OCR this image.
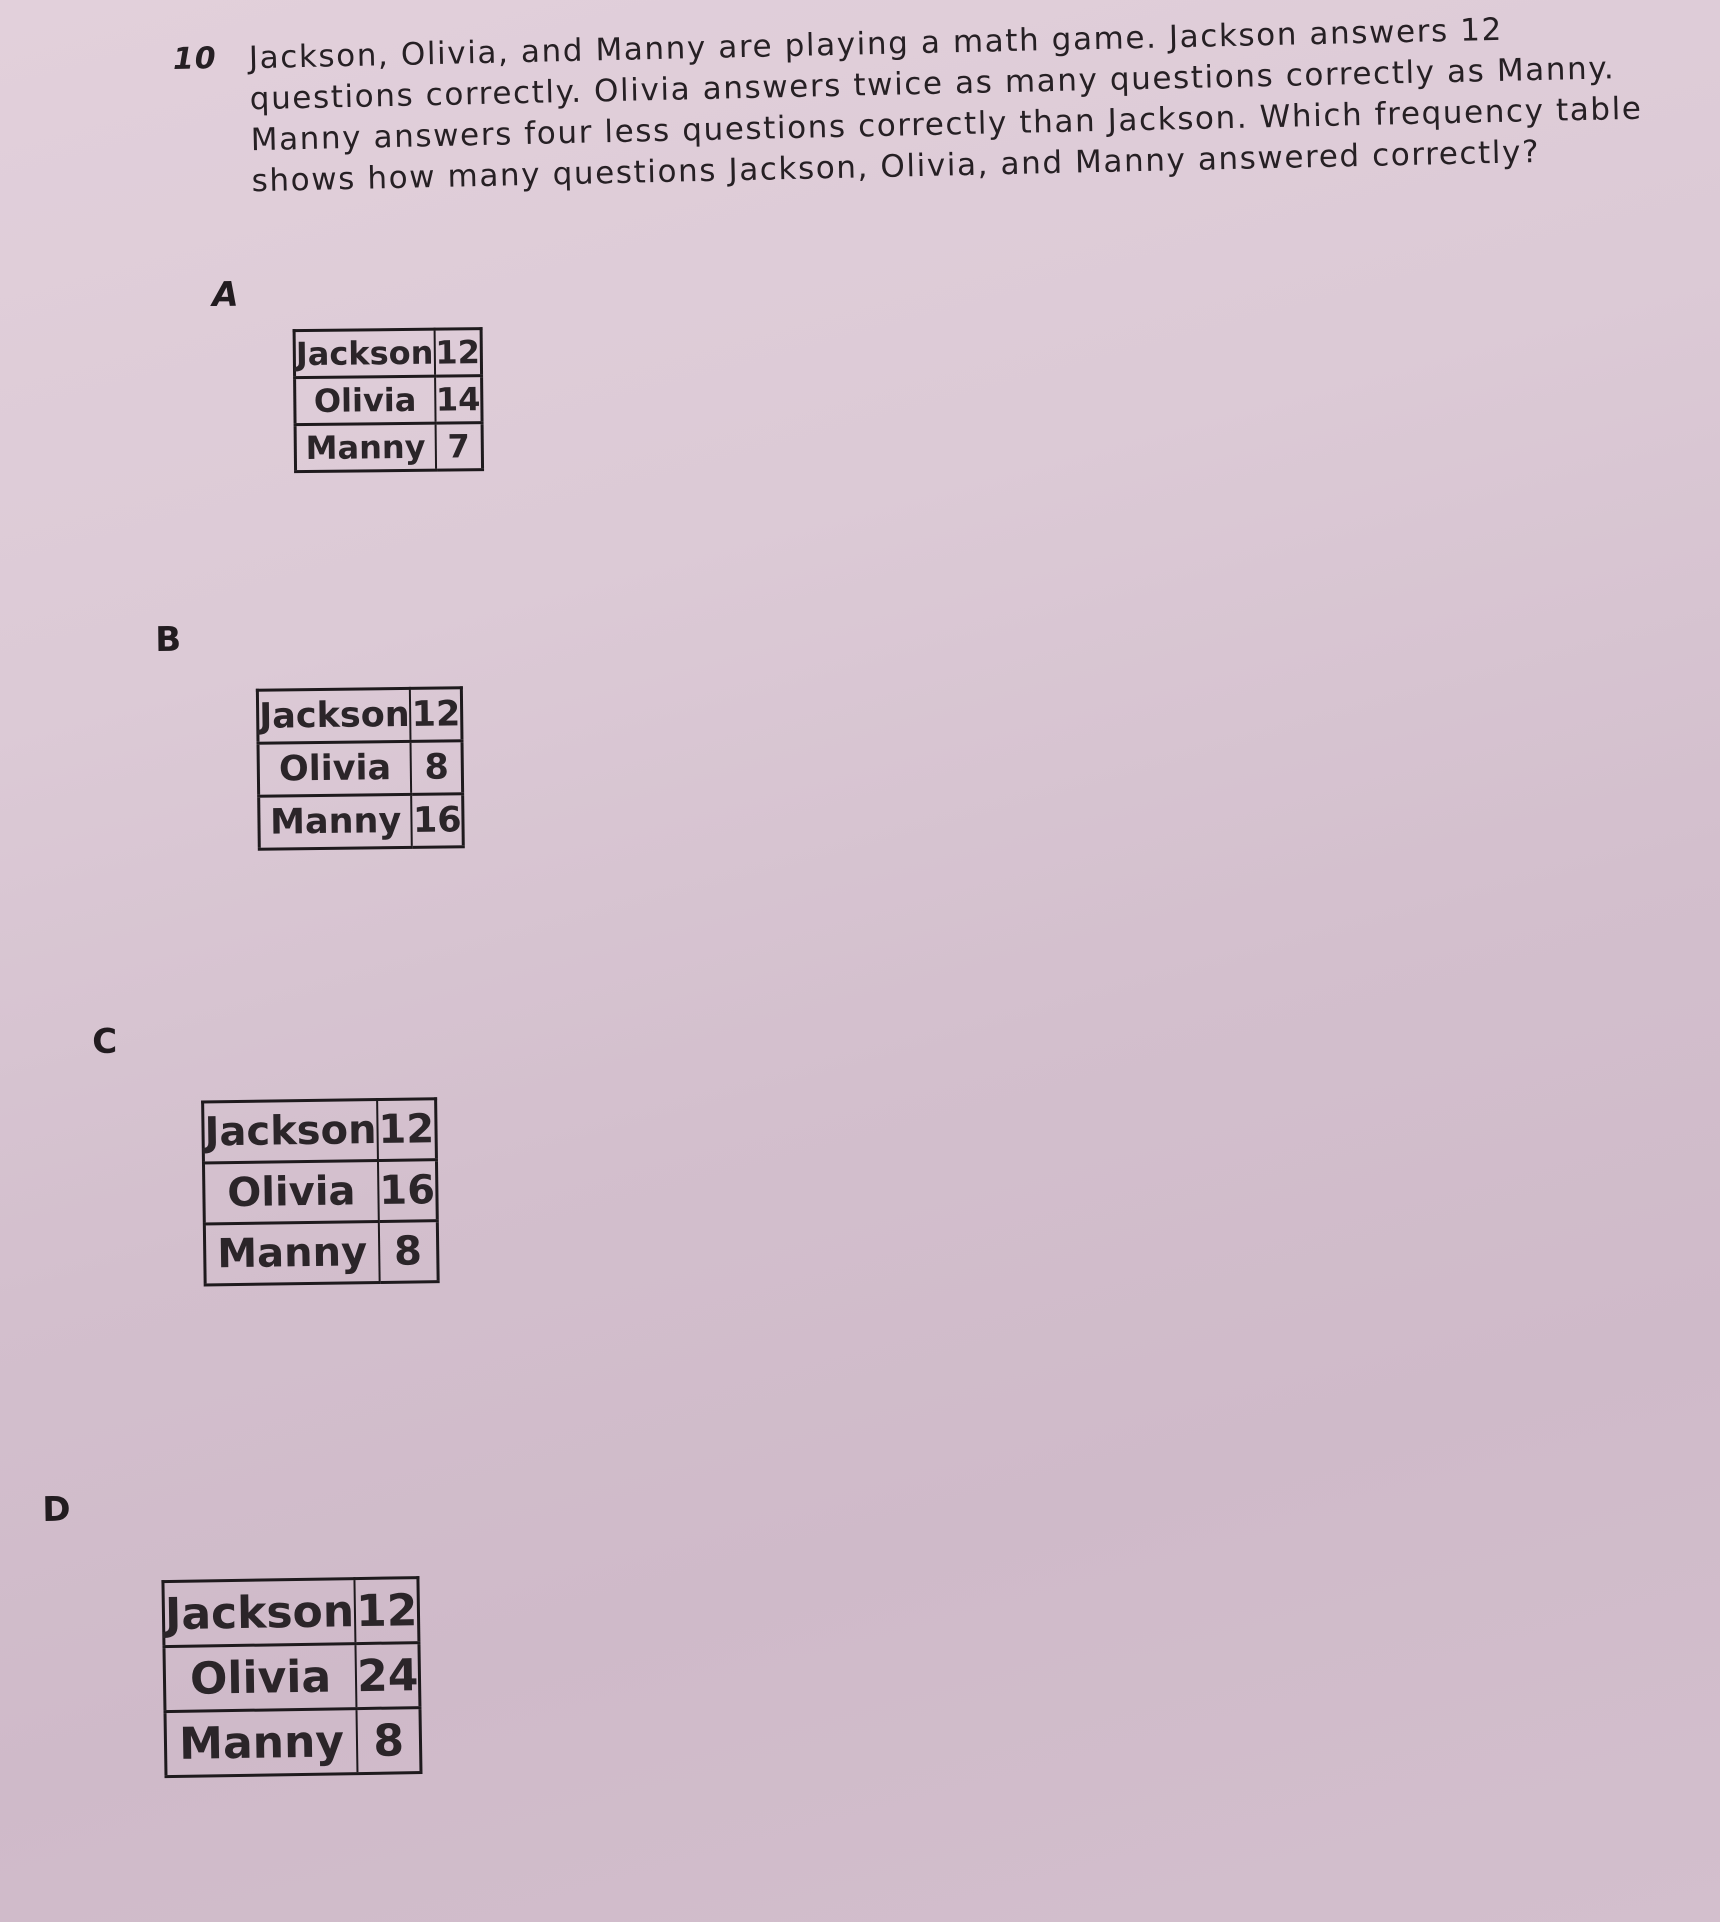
10 Jackson, Olivia, and Manny are playing a math game. Jackson answers 12 questions correctly. Olivia answers twice as many questions correctly as Manny. Manny answers four less questions correctly than Jackson. Which frequency table shows how many questions Jackson, Olivia, and Manny answered correctly?

A
Jackson	12
Olivia	14
Manny	7
B
Jackson	12
Olivia	8
Manny	16
C
Jackson	12
Olivia	16
Manny	8
D
Jackson	12
Olivia	24
Manny	8
